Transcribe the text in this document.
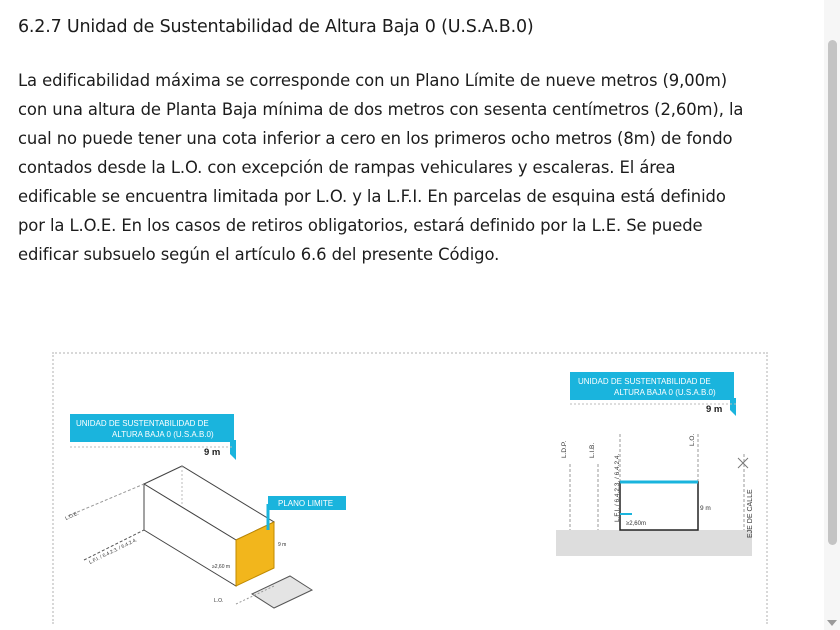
6.2.7 Unidad de Sustentabilidad de Altura Baja 0 (U.S.A.B.0)
La edificabilidad máxima se corresponde con un Plano Límite de nueve metros (9,00m)
con una altura de Planta Baja mínima de dos metros con sesenta centímetros (2,60m), la
cual no puede tener una cota inferior a cero en los primeros ocho metros (8m) de fondo
contados desde la L.O. con excepción de rampas vehiculares y escaleras. El área
edificable se encuentra limitada por L.O. y la L.F.I. En parcelas de esquina está definido
por la L.O.E. En los casos de retiros obligatorios, estará definido por la L.E. Se puede
edificar subsuelo según el artículo 6.6 del presente Código.
UNIDAD DE SUSTENTABILIDAD DE
ALTURA BAJA 0 (U.S.A.B.0)
9 m
PLANO LIMITE
L.O.E.
L.F.I. / 6.4.2.3. / 6.4.2.4.
L.O.
9 m
≥2,60 m
UNIDAD DE SUSTENTABILIDAD DE
ALTURA BAJA 0 (U.S.A.B.0)
9 m
L.D.P.	L.I.B.
L.F.I. / 6.4.2.3. / 6.4.2.4.
L.O.
9 m
≥2,60m	EJE DE CALLE
